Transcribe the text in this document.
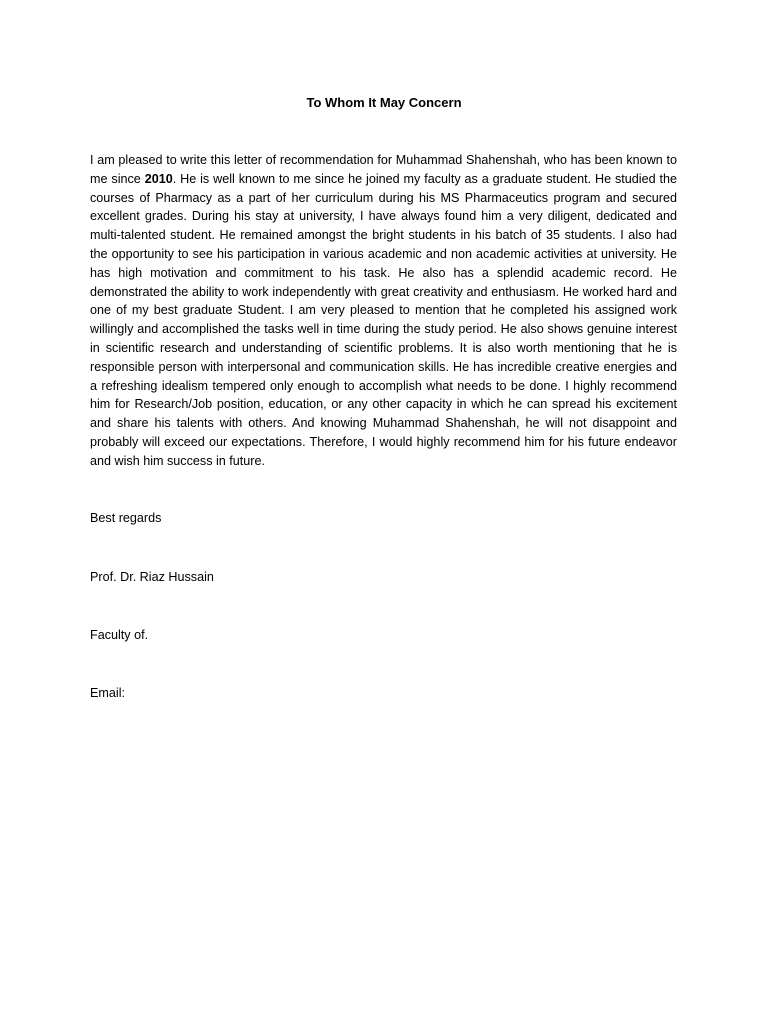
To Whom It May Concern

I am pleased to write this letter of recommendation for Muhammad Shahenshah, who has been known to me since 2010. He is well known to me since he joined my faculty as a graduate student. He studied the courses of Pharmacy as a part of her curriculum during his MS Pharmaceutics program and secured excellent grades. During his stay at university, I have always found him a very diligent, dedicated and multi-talented student. He remained amongst the bright students in his batch of 35 students. I also had the opportunity to see his participation in various academic and non academic activities at university. He has high motivation and commitment to his task. He also has a splendid academic record. He demonstrated the ability to work independently with great creativity and enthusiasm. He worked hard and one of my best graduate Student. I am very pleased to mention that he completed his assigned work willingly and accomplished the tasks well in time during the study period. He also shows genuine interest in scientific research and understanding of scientific problems. It is also worth mentioning that he is responsible person with interpersonal and communication skills. He has incredible creative energies and a refreshing idealism tempered only enough to accomplish what needs to be done. I highly recommend him for Research/Job position, education, or any other capacity in which he can spread his excitement and share his talents with others. And knowing Muhammad Shahenshah, he will not disappoint and probably will exceed our expectations. Therefore, I would highly recommend him for his future endeavor and wish him success in future.

Best regards

Prof. Dr. Riaz Hussain

Faculty of.

Email:
